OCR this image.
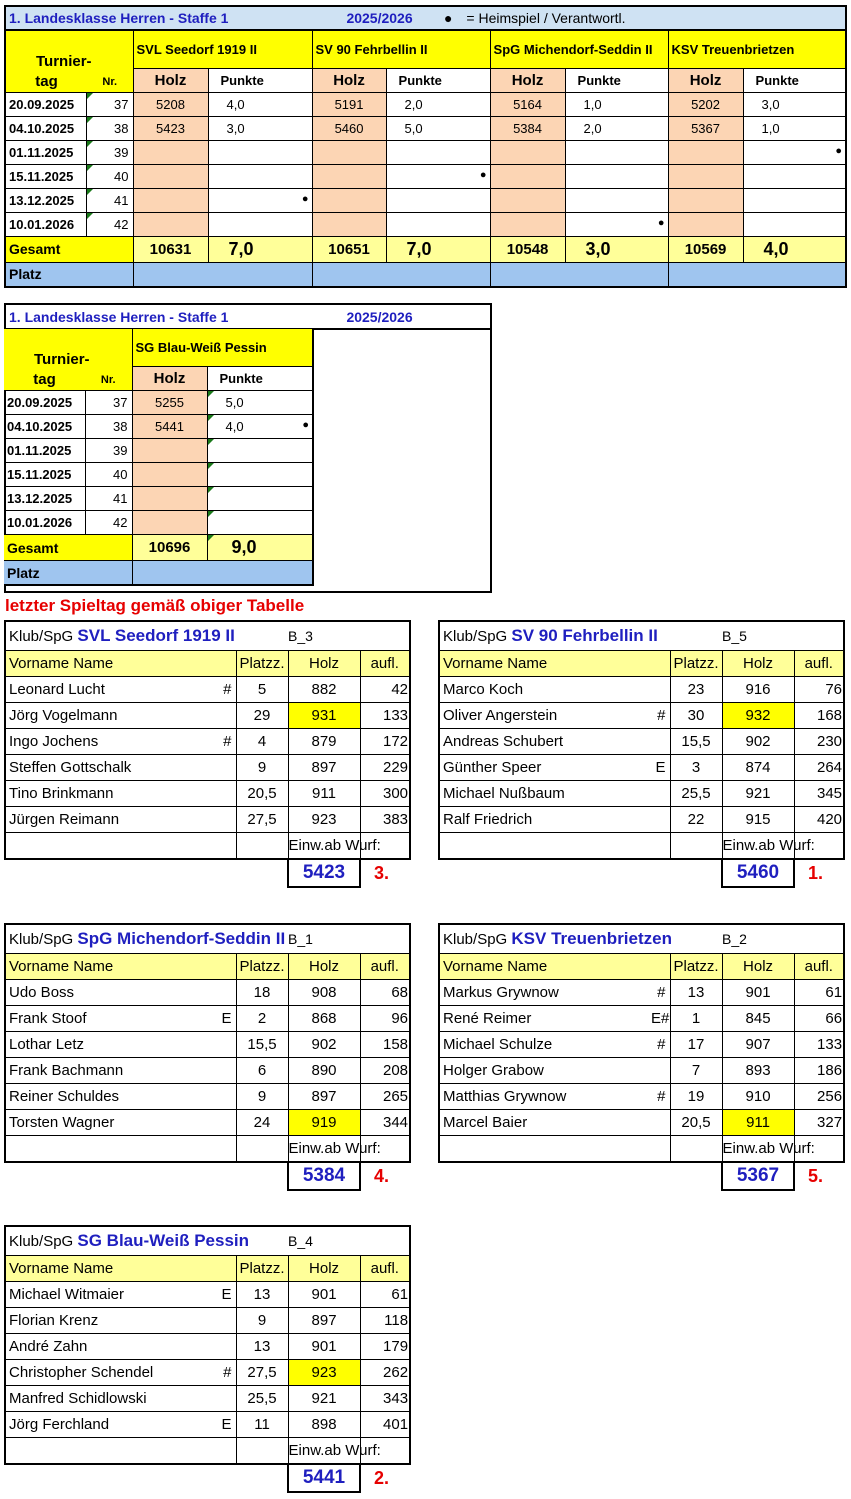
1. Landesklasse Herren - Staffe 1 2025/2026					● = Heimspiel / Verantwortl.				

Turnier-
tag Nr.		SVL Seedorf 1919 II		SV 90 Fehrbellin II		SpG Michendorf-Seddin II		KSV Treuenbrietzen	
		Holz	Punkte	Holz	Punkte	Holz	Punkte	Holz	Punkte
20.09.2025	37	5208	4,0	5191	2,0	5164	1,0	5202	3,0
04.10.2025	38	5423	3,0	5460	5,0	5384	2,0	5367	1,0
01.11.2025	39								●
15.11.2025	40				●				
13.12.2025	41		●						
10.01.2026	42						●		
Gesamt		10631	7,0	10651	7,0	10548	3,0	10569	4,0
Platz									
1. Landesklasse Herren - Staffe 1	2025/2026
Turnier-
tag Nr.		SG Blau-Weiß Pessin	
		Holz	Punkte
20.09.2025	37	5255	5,0
04.10.2025	38	5441	4,0 ●
01.11.2025	39		
15.11.2025	40		
13.12.2025	41		
10.01.2026	42		
Gesamt		10696	9,0
Platz			
letzter Spieltag gemäß obiger Tabelle
Klub/SpG SVL Seedorf 1919 II			B_3	
Vorname Name		Platzz.	Holz	aufl.
Leonard Lucht	#	5	882	42
Jörg Vogelmann		29	931	133
Ingo Jochens	#	4	879	172
Steffen Gottschalk		9	897	229
Tino Brinkmann		20,5	911	300
Jürgen Reimann		27,5	923	383
			Einw.ab Wurf:	
5423	3.
Klub/SpG SV 90 Fehrbellin II			B_5	
Vorname Name		Platzz.	Holz	aufl.
Marco Koch		23	916	76
Oliver Angerstein	#	30	932	168
Andreas Schubert		15,5	902	230
Günther Speer	E	3	874	264
Michael Nußbaum		25,5	921	345
Ralf Friedrich		22	915	420
			Einw.ab Wurf:	
5460	1.
Klub/SpG SpG Michendorf-Seddin II			B_1	
Vorname Name		Platzz.	Holz	aufl.
Udo Boss		18	908	68
Frank Stoof	E	2	868	96
Lothar Letz		15,5	902	158
Frank Bachmann		6	890	208
Reiner Schuldes		9	897	265
Torsten Wagner		24	919	344
			Einw.ab Wurf:	
5384	4.
Klub/SpG KSV Treuenbrietzen			B_2	
Vorname Name		Platzz.	Holz	aufl.
Markus Grywnow	#	13	901	61
René Reimer	E#	1	845	66
Michael Schulze	#	17	907	133
Holger Grabow		7	893	186
Matthias Grywnow	#	19	910	256
Marcel Baier		20,5	911	327
			Einw.ab Wurf:	
5367	5.
Klub/SpG SG Blau-Weiß Pessin			B_4	
Vorname Name		Platzz.	Holz	aufl.
Michael Witmaier	E	13	901	61
Florian Krenz		9	897	118
André Zahn		13	901	179
Christopher Schendel	#	27,5	923	262
Manfred Schidlowski		25,5	921	343
Jörg Ferchland	E	11	898	401
			Einw.ab Wurf:	
5441	2.
